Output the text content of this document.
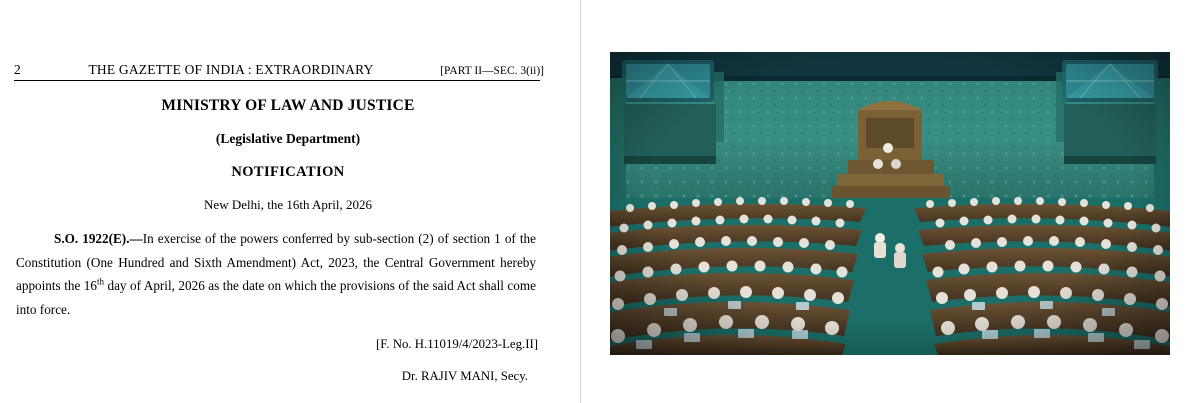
2	THE GAZETTE OF INDIA : EXTRAORDINARY	[PART II—SEC. 3(ii)]
MINISTRY OF LAW AND JUSTICE
(Legislative Department)
NOTIFICATION
New Delhi, the 16th April, 2026
S.O. 1922(E).—In exercise of the powers conferred by sub-section (2) of section 1 of the Constitution (One Hundred and Sixth Amendment) Act, 2023, the Central Government hereby appoints the 16th day of April, 2026 as the date on which the provisions of the said Act shall come into force.
[F. No. H.11019/4/2023-Leg.II]
Dr. RAJIV MANI, Secy.
